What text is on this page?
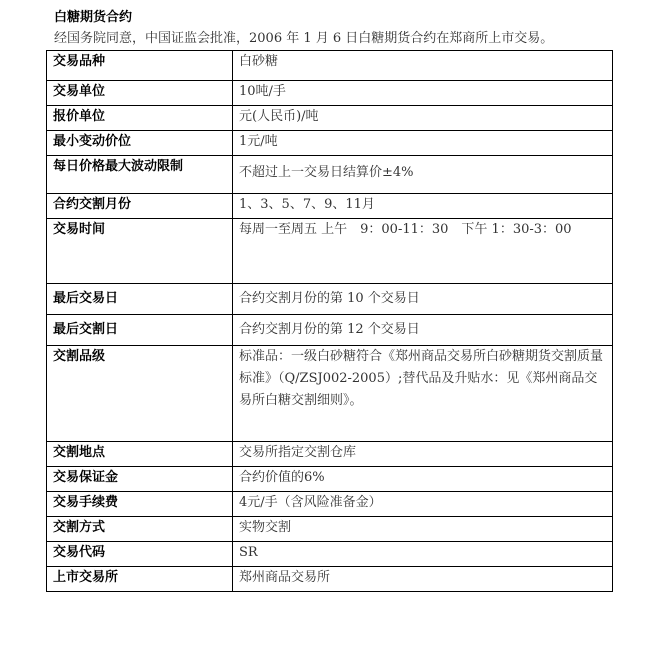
白糖期货合约
经国务院同意，中国证监会批准，2006 年 1 月 6 日白糖期货合约在郑商所上市交易。
交易品种	白砂糖
交易单位	10吨/手
报价单位	元(人民币)/吨
最小变动价位	1元/吨
每日价格最大波动限制	不超过上一交易日结算价±4%
合约交割月份	1、3、5、7、9、11月
交易时间	每周一至周五 上午　9：00-11：30　下午 1：30-3：00
最后交易日	合约交割月份的第 10 个交易日
最后交割日	合约交割月份的第 12 个交易日
交割品级	标准品：一级白砂糖符合《郑州商品交易所白砂糖期货交割质量标准》（Q/ZSJ002-2005）;替代品及升贴水：见《郑州商品交易所白糖交割细则》。
交割地点	交易所指定交割仓库
交易保证金	合约价值的6%
交易手续费	4元/手（含风险准备金）
交割方式	实物交割
交易代码	SR
上市交易所	郑州商品交易所
